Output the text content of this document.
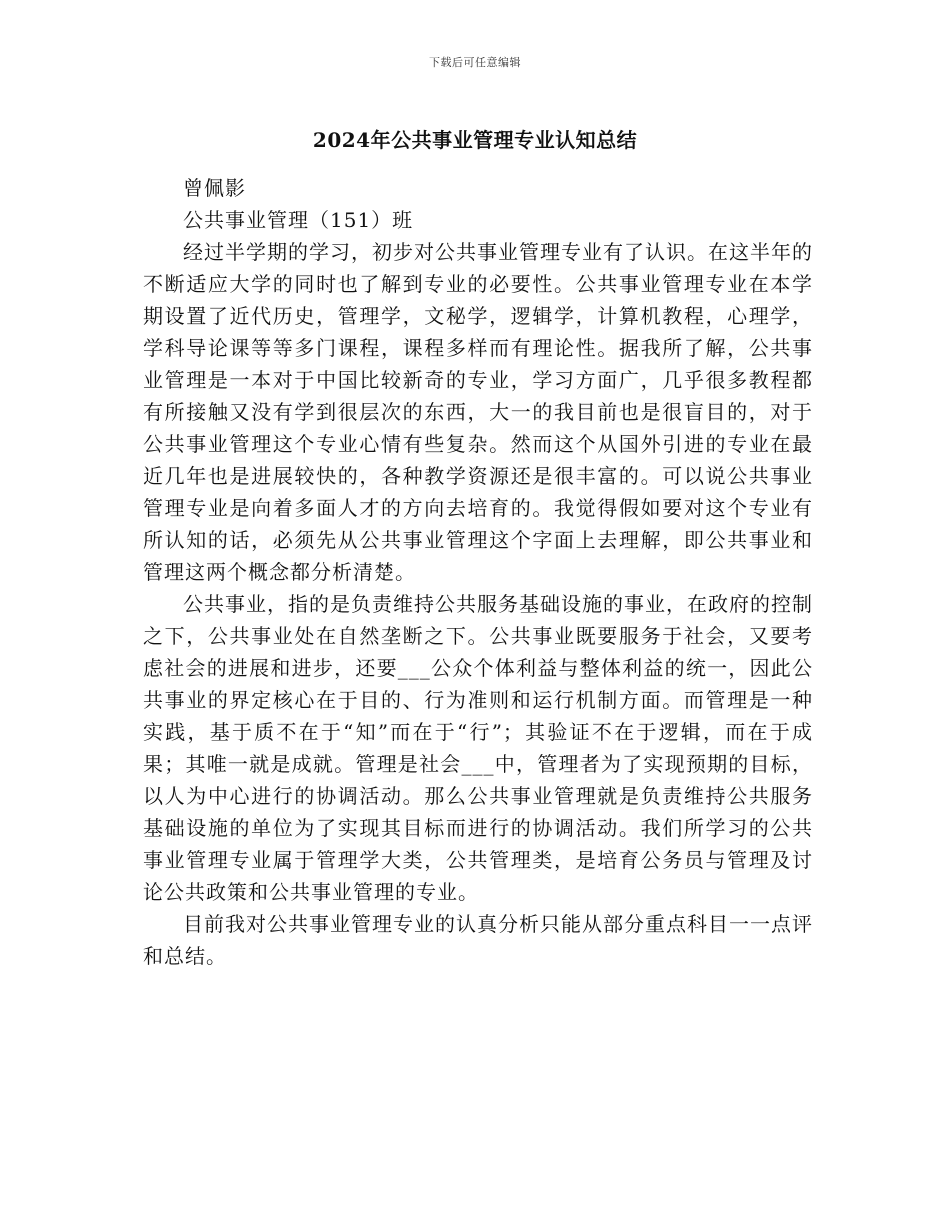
下载后可任意编辑
2024年公共事业管理专业认知总结

曾佩影

公共事业管理（151）班

经过半学期的学习，初步对公共事业管理专业有了认识。在这半年的不断适应大学的同时也了解到专业的必要性。公共事业管理专业在本学期设置了近代历史，管理学，文秘学，逻辑学，计算机教程，心理学，学科导论课等等多门课程，课程多样而有理论性。据我所了解，公共事业管理是一本对于中国比较新奇的专业，学习方面广，几乎很多教程都有所接触又没有学到很层次的东西，大一的我目前也是很盲目的，对于公共事业管理这个专业心情有些复杂。然而这个从国外引进的专业在最近几年也是进展较快的，各种教学资源还是很丰富的。可以说公共事业管理专业是向着多面人才的方向去培育的。我觉得假如要对这个专业有所认知的话，必须先从公共事业管理这个字面上去理解，即公共事业和管理这两个概念都分析清楚。

公共事业，指的是负责维持公共服务基础设施的事业，在政府的控制之下，公共事业处在自然垄断之下。公共事业既要服务于社会，又要考虑社会的进展和进步，还要___公众个体利益与整体利益的统一，因此公共事业的界定核心在于目的、行为准则和运行机制方面。而管理是一种实践，基于质不在于“知”而在于“行”；其验证不在于逻辑，而在于成果；其唯一就是成就。管理是社会___中，管理者为了实现预期的目标，以人为中心进行的协调活动。那么公共事业管理就是负责维持公共服务基础设施的单位为了实现其目标而进行的协调活动。我们所学习的公共事业管理专业属于管理学大类，公共管理类，是培育公务员与管理及讨论公共政策和公共事业管理的专业。

目前我对公共事业管理专业的认真分析只能从部分重点科目一一点评和总结。
